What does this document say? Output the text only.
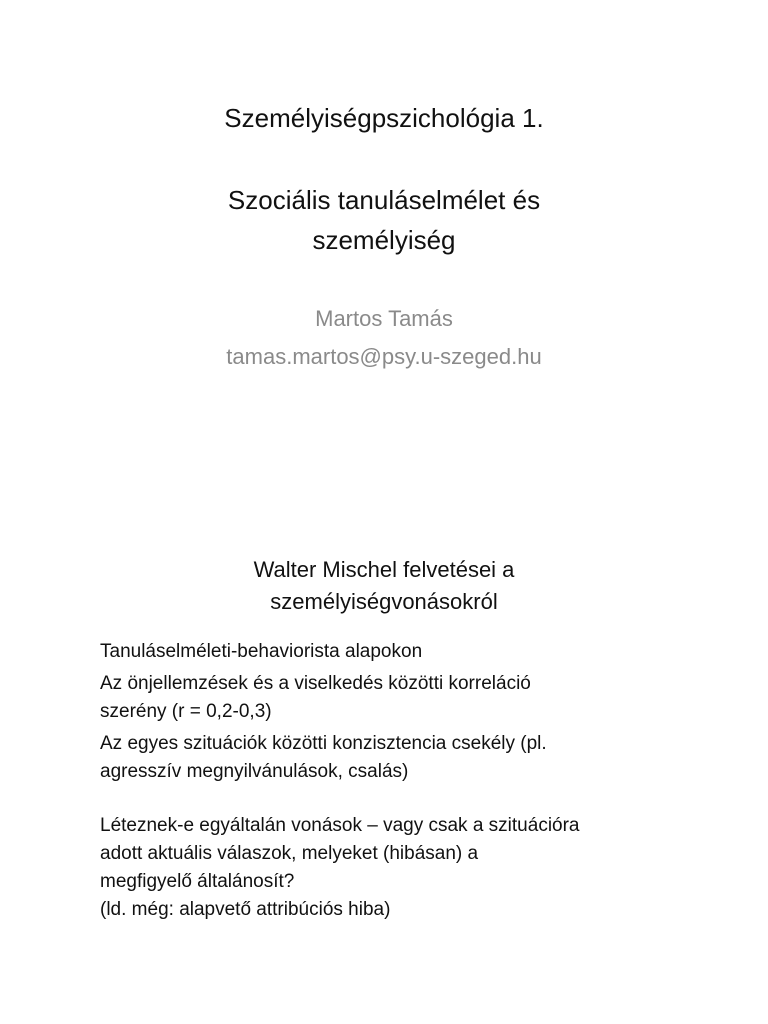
Személyiségpszichológia 1.
Szociális tanuláselmélet és
személyiség
Martos Tamás
tamas.martos@psy.u-szeged.hu
Walter Mischel felvetései a
személyiségvonásokról
Tanuláselméleti-behaviorista alapokon
Az önjellemzések és a viselkedés közötti korreláció
szerény (r = 0,2-0,3)
Az egyes szituációk közötti konzisztencia csekély (pl.
agresszív megnyilvánulások, csalás)
Léteznek-e egyáltalán vonások – vagy csak a szituációra
adott aktuális válaszok, melyeket (hibásan) a
megfigyelő általánosít?
(ld. még: alapvető attribúciós hiba)
